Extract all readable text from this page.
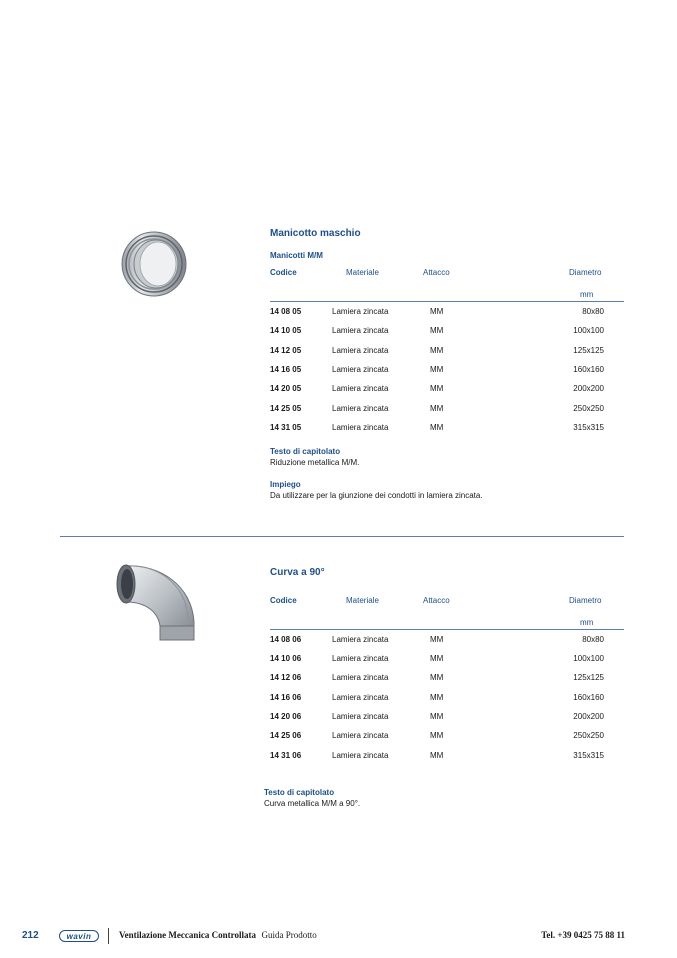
Manicotto maschio
Manicotti M/M
Codice	Materiale	Attacco	Diametro
mm
14 08 05	Lamiera zincata	MM	80x80
14 10 05	Lamiera zincata	MM	100x100
14 12 05	Lamiera zincata	MM	125x125
14 16 05	Lamiera zincata	MM	160x160
14 20 05	Lamiera zincata	MM	200x200
14 25 05	Lamiera zincata	MM	250x250
14 31 05	Lamiera zincata	MM	315x315
Testo di capitolato
Riduzione metallica M/M.
Impiego
Da utilizzare per la giunzione dei condotti in lamiera zincata.
Curva a 90°
Codice	Materiale	Attacco	Diametro
mm
14 08 06	Lamiera zincata	MM	80x80
14 10 06	Lamiera zincata	MM	100x100
14 12 06	Lamiera zincata	MM	125x125
14 16 06	Lamiera zincata	MM	160x160
14 20 06	Lamiera zincata	MM	200x200
14 25 06	Lamiera zincata	MM	250x250
14 31 06	Lamiera zincata	MM	315x315
Testo di capitolato
Curva metallica M/M a 90°.
212	wavin	Ventilazione Meccanica Controllata Guida Prodotto	Tel. +39 0425 75 88 11
